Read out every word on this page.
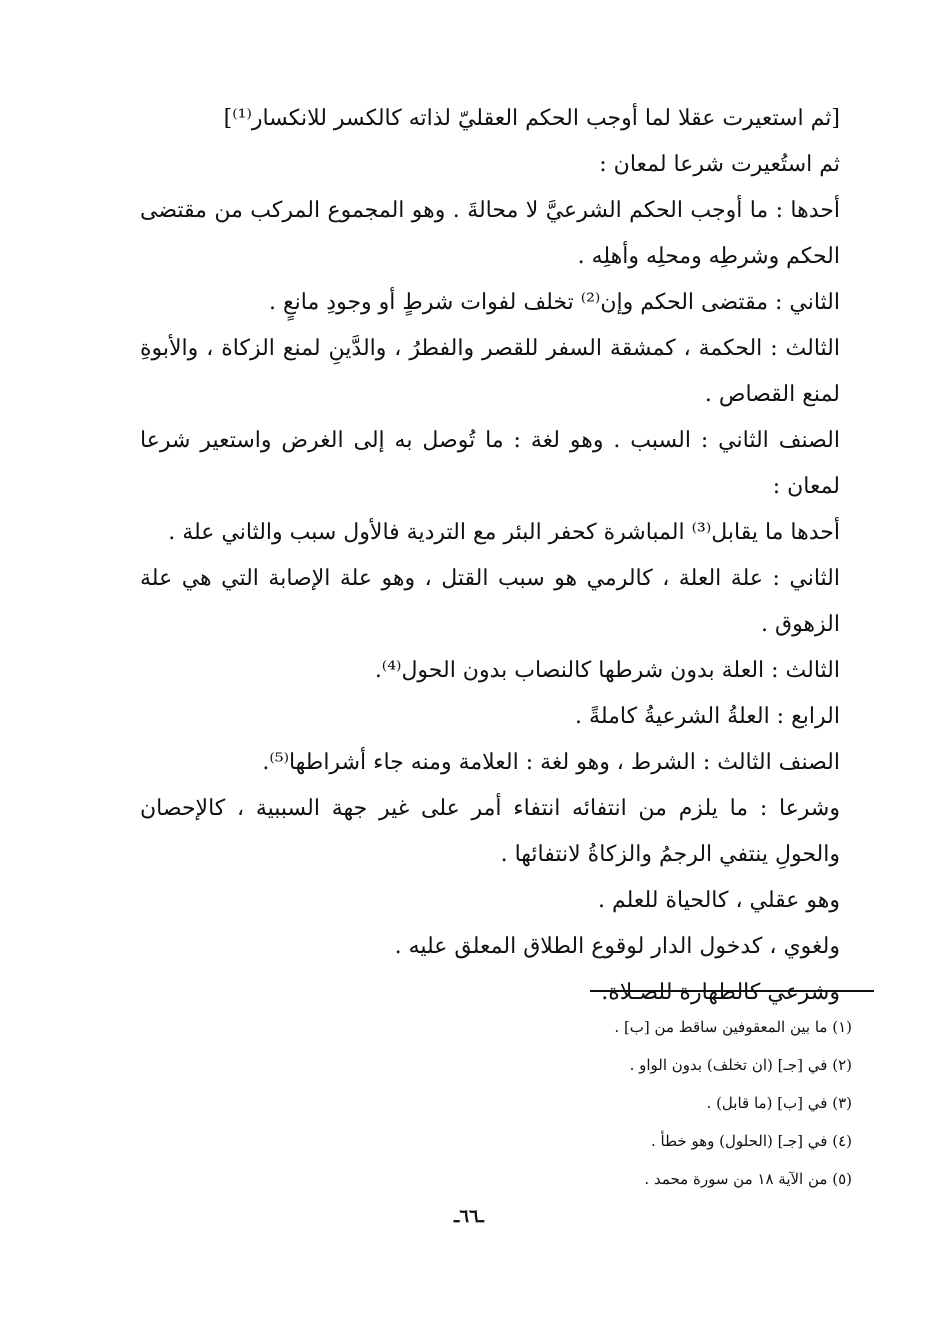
[ثم استعيرت عقلا لما أوجب الحكم العقليّ لذاته كالكسر للانكسار⁽¹⁾]

ثم استُعيرت شرعا لمعان :

أحدها : ما أوجب الحكم الشرعيَّ لا محالةَ . وهو المجموع المركب من مقتضى الحكم وشرطِه ومحلِه وأهلِه .

الثاني : مقتضى الحكم وإن⁽²⁾ تخلف لفوات شرطٍ أو وجودِ مانعٍ .

الثالث : الحكمة ، كمشقة السفر للقصر والفطرُ ، والدَّينِ لمنع الزكاة ، والأبوةِ لمنع القصاص .

الصنف الثاني : السبب . وهو لغة : ما تُوصل به إلى الغرض واستعير شرعا لمعان :

أحدها ما يقابل⁽³⁾ المباشرة كحفر البئر مع التردية فالأول سبب والثاني علة .

الثاني : علة العلة ، كالرمي هو سبب القتل ، وهو علة الإصابة التي هي علة الزهوق .

الثالث : العلة بدون شرطها كالنصاب بدون الحول⁽⁴⁾.

الرابع : العلةُ الشرعيةُ كاملةً .

الصنف الثالث : الشرط ، وهو لغة : العلامة ومنه جاء أشراطها⁽⁵⁾.

وشرعا : ما يلزم من انتفائه انتفاء أمر على غير جهة السببية ، كالإحصان والحولِ ينتفي الرجمُ والزكاةُ لانتفائها .

وهو عقلي ، كالحياة للعلم .

ولغوي ، كدخول الدار لوقوع الطلاق المعلق عليه .

وشرعي كالطهارة للصـلاة.

(١) ما بين المعقوفين ساقط من [ب] .

(٢) في [جـ] (ان تخلف) بدون الواو .

(٣) في [ب] (ما قابل) .

(٤) في [جـ] (الحلول) وهو خطأ .

(٥) من الآية ١٨ من سورة محمد .

ـ٦٦ـ
